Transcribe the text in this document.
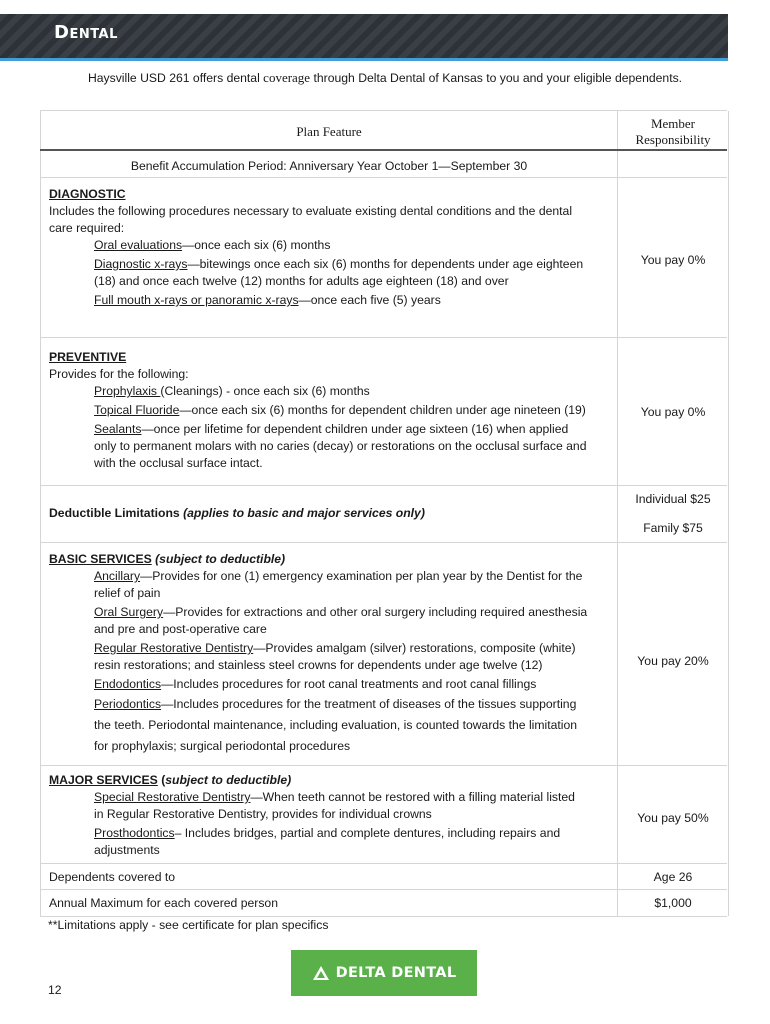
Dental
Haysville USD 261 offers dental coverage through Delta Dental of Kansas to you and your eligible dependents.
Plan Feature
Member
Responsibility
Benefit Accumulation Period: Anniversary Year October 1—September 30
DIAGNOSTIC
Includes the following procedures necessary to evaluate existing dental conditions and the dental
care required:
Oral evaluations—once each six (6) months
Diagnostic x-rays—bitewings once each six (6) months for dependents under age eighteen
(18) and once each twelve (12) months for adults age eighteen (18) and over
Full mouth x-rays or panoramic x-rays—once each five (5) years
You pay 0%
PREVENTIVE
Provides for the following:
Prophylaxis (Cleanings) - once each six (6) months
Topical Fluoride—once each six (6) months for dependent children under age nineteen (19)
Sealants—once per lifetime for dependent children under age sixteen (16) when applied
only to permanent molars with no caries (decay) or restorations on the occlusal surface and
with the occlusal surface intact.
You pay 0%
Deductible Limitations (applies to basic and major services only)
Individual $25
Family $75
BASIC SERVICES (subject to deductible)
Ancillary—Provides for one (1) emergency examination per plan year by the Dentist for the
relief of pain
Oral Surgery—Provides for extractions and other oral surgery including required anesthesia
and pre and post-operative care
Regular Restorative Dentistry—Provides amalgam (silver) restorations, composite (white)
resin restorations; and stainless steel crowns for dependents under age twelve (12)
Endodontics—Includes procedures for root canal treatments and root canal fillings
Periodontics—Includes procedures for the treatment of diseases of the tissues supporting
the teeth. Periodontal maintenance, including evaluation, is counted towards the limitation
for prophylaxis; surgical periodontal procedures
You pay 20%
MAJOR SERVICES (subject to deductible)
Special Restorative Dentistry—When teeth cannot be restored with a filling material listed
in Regular Restorative Dentistry, provides for individual crowns
Prosthodontics– Includes bridges, partial and complete dentures, including repairs and
adjustments
You pay 50%
Dependents covered to	Age 26
Annual Maximum for each covered person	$1,000
**Limitations apply - see certificate for plan specifics
DELTA DENTAL
12
